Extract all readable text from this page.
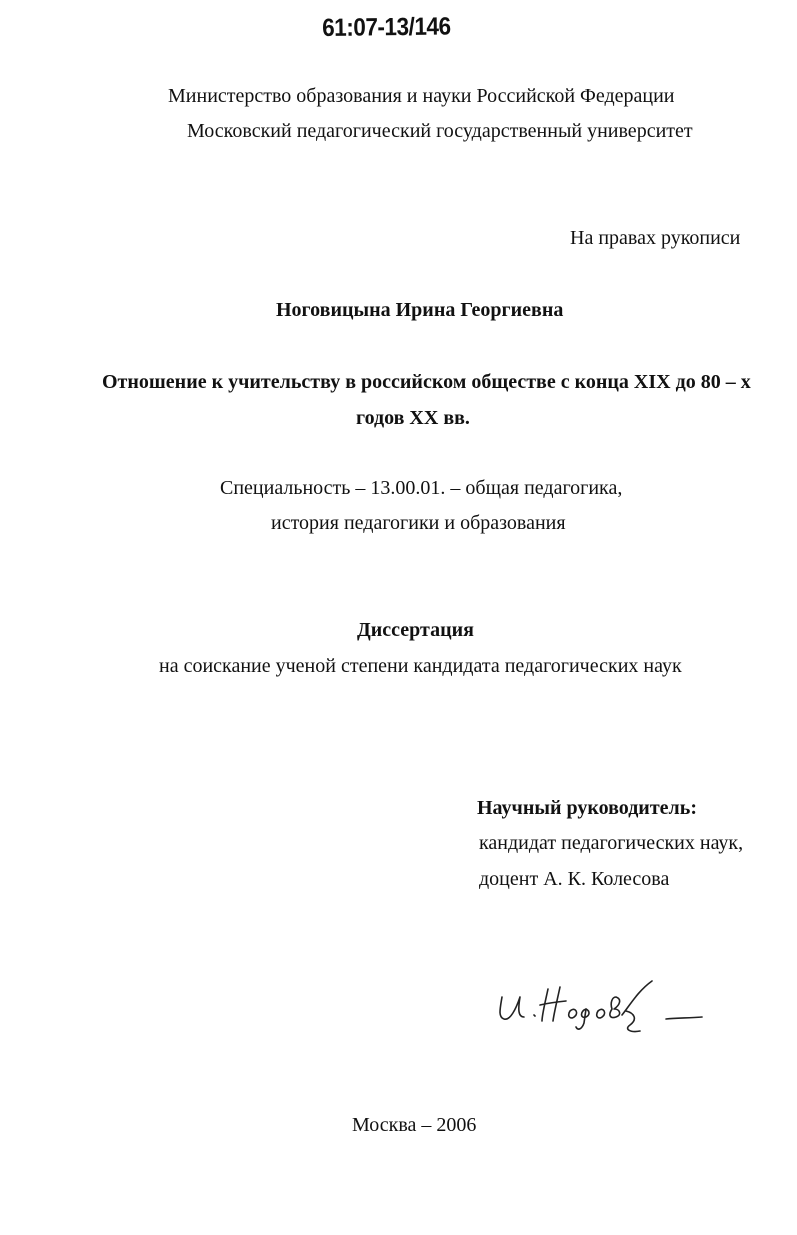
61:07-13/146
Министерство образования и науки Российской Федерации
Московский педагогический государственный университет
На правах рукописи
Ноговицына Ирина Георгиевна
Отношение к учительству в российском обществе с конца XIX до 80 – х
годов XX вв.
Специальность – 13.00.01. – общая педагогика,
история педагогики и образования
Диссертация
на соискание ученой степени кандидата педагогических наук
Научный руководитель:
кандидат педагогических наук,
доцент А. К. Колесова
И. Ногов
Москва – 2006
